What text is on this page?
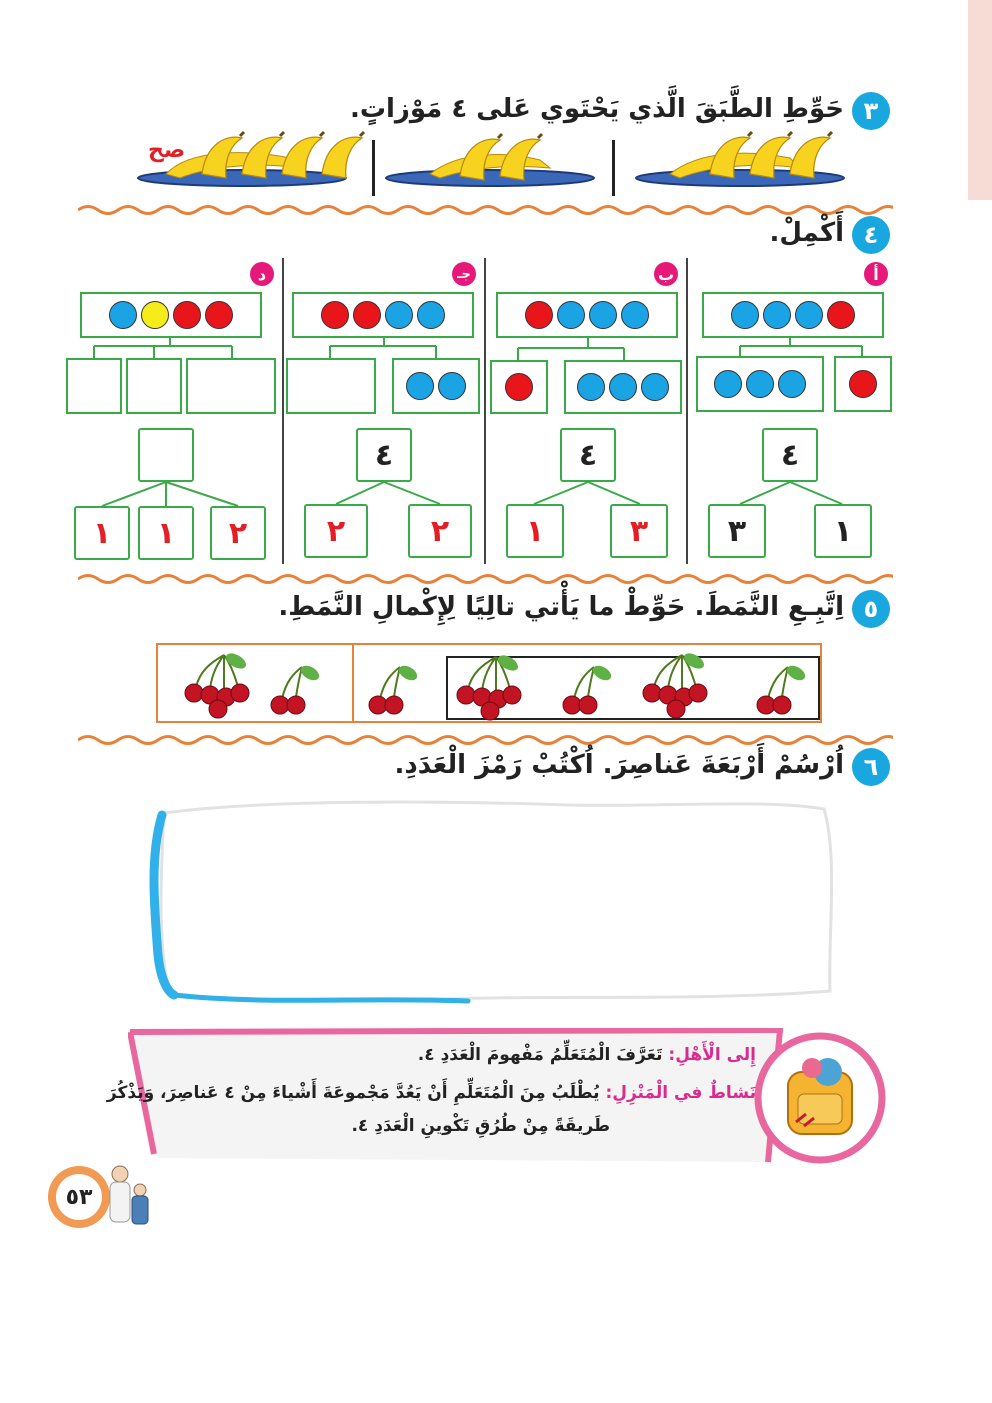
٣
حَوِّطِ الطَّبَقَ الَّذي يَحْتَوي عَلى ٤ مَوْزاتٍ.
صح
٤
أَكْمِلْ.
أ
٤
٣	١
ب
٤
١	٣
جـ
٤
٢	٢
د
١	١	٢
٥
اِتَّبِـعِ النَّمَطَ. حَوِّطْ ما يَأْتي تالِيًا لِإِكْمالِ النَّمَطِ.
٦
اُرْسُمْ أَرْبَعَةَ عَناصِرَ. اُكْتُبْ رَمْزَ الْعَدَدِ.
إِلى الْأَهْلِ: تَعَرَّفَ الْمُتَعَلِّمُ مَفْهومَ الْعَدَدِ ٤.
نَشاطٌ في الْمَنْزِلِ: يُطْلَبُ مِنَ الْمُتَعَلِّمِ أَنْ يَعُدَّ مَجْموعَةَ أَشْياءَ مِنْ ٤ عَناصِرَ، وَيَذْكُرَ
طَريقَةً مِنْ طُرُقِ تَكْوينِ الْعَدَدِ ٤.
٥٣
